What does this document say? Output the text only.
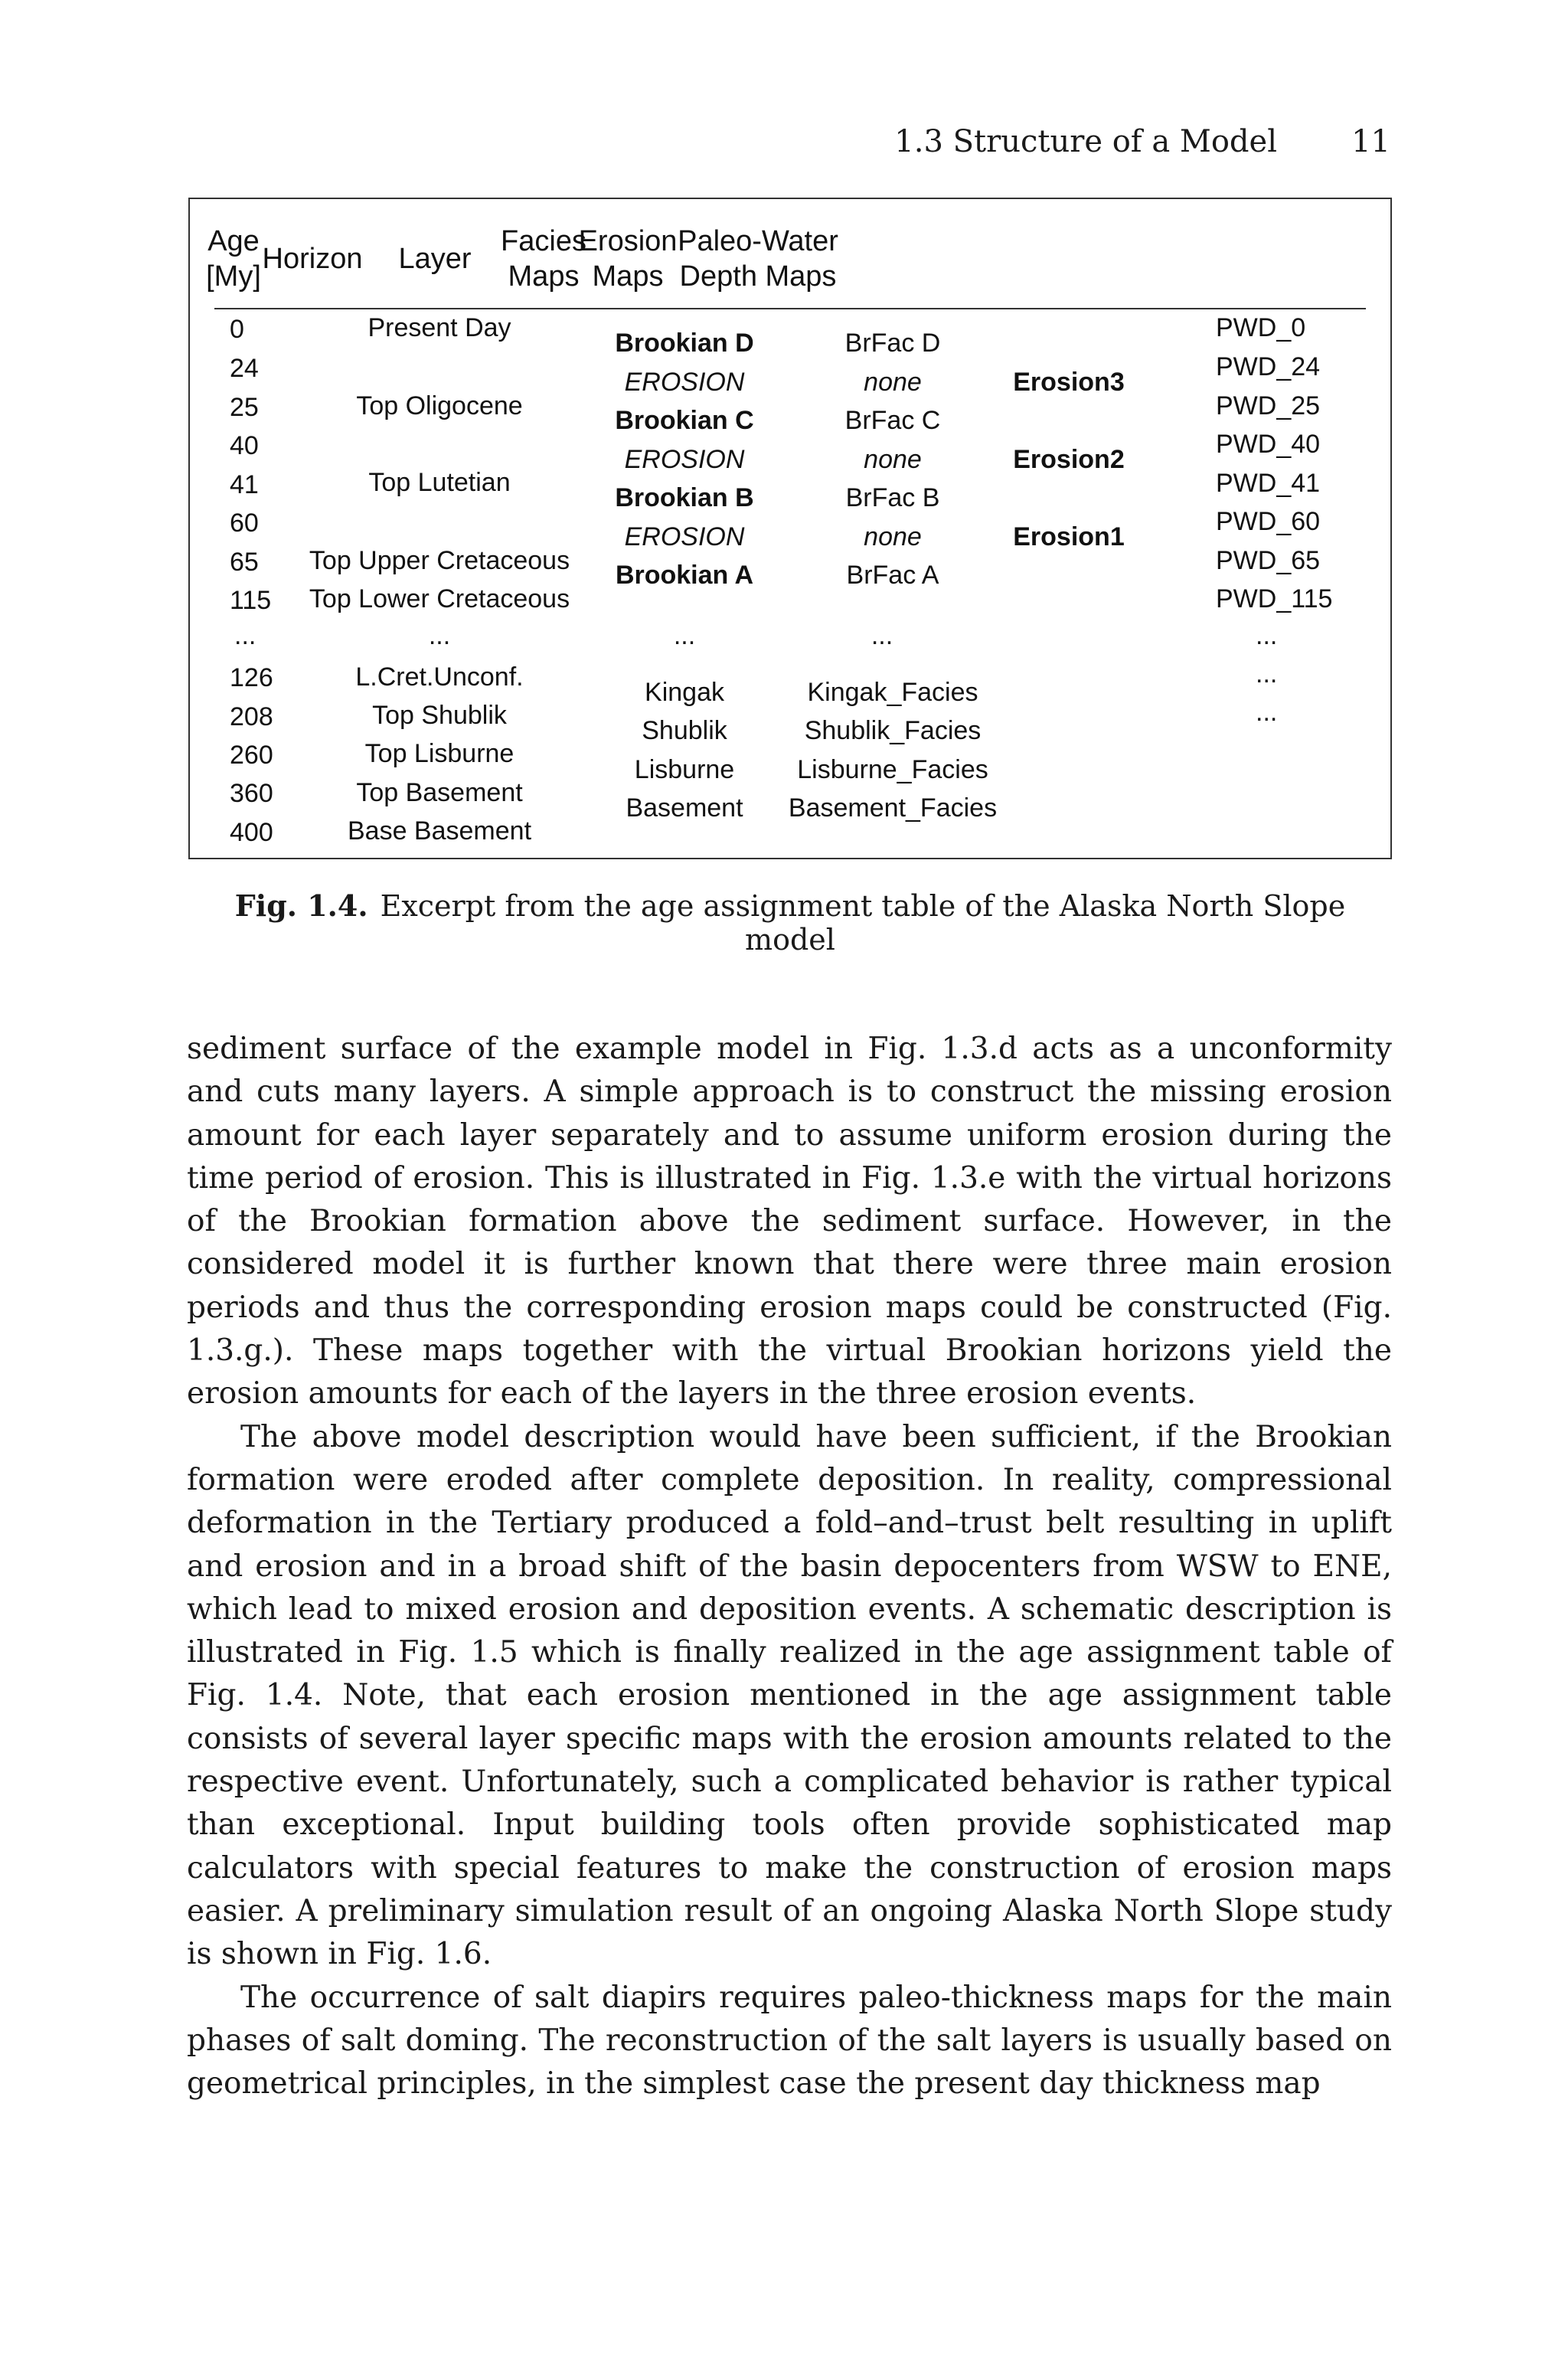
1.3 Structure of a Model 11
Age
[My]
Horizon	Layer
Facies
Maps
Erosion
Maps
Paleo-Water
Depth Maps
0
24
25
40
41
60
65
115
...
126
208
260
360
400
Present Day
Top Oligocene
Top Lutetian
Top Upper Cretaceous
Top Lower Cretaceous
...
L.Cret.Unconf.
Top Shublik
Top Lisburne
Top Basement
Base Basement
Brookian D
EROSION
Brookian C
EROSION
Brookian B
EROSION
Brookian A
...
Kingak
Shublik
Lisburne
Basement
BrFac D
none
BrFac C
none
BrFac B
none
BrFac A
...
Kingak_Facies
Shublik_Facies
Lisburne_Facies
Basement_Facies
Erosion3
Erosion2
Erosion1
PWD_0
PWD_24
PWD_25
PWD_40
PWD_41
PWD_60
PWD_65
PWD_115
...
...
...
Fig. 1.4. Excerpt from the age assignment table of the Alaska North Slope model

sediment surface of the example model in Fig. 1.3.d acts as a unconformity and cuts many layers. A simple approach is to construct the missing erosion amount for each layer separately and to assume uniform erosion during the time period of erosion. This is illustrated in Fig. 1.3.e with the virtual horizons of the Brookian formation above the sediment surface. However, in the considered model it is further known that there were three main erosion periods and thus the corresponding erosion maps could be constructed (Fig. 1.3.g.). These maps together with the virtual Brookian horizons yield the erosion amounts for each of the layers in the three erosion events.

The above model description would have been sufficient, if the Brookian formation were eroded after complete deposition. In reality, compressional deformation in the Tertiary produced a fold–and–trust belt resulting in uplift and erosion and in a broad shift of the basin depocenters from WSW to ENE, which lead to mixed erosion and deposition events. A schematic description is illustrated in Fig. 1.5 which is finally realized in the age assignment table of Fig. 1.4. Note, that each erosion mentioned in the age assignment table consists of several layer specific maps with the erosion amounts related to the respective event. Unfortunately, such a complicated behavior is rather typical than exceptional. Input building tools often provide sophisticated map calculators with special features to make the construction of erosion maps easier. A preliminary simulation result of an ongoing Alaska North Slope study is shown in Fig. 1.6.

The occurrence of salt diapirs requires paleo-thickness maps for the main phases of salt doming. The reconstruction of the salt layers is usually based on geometrical principles, in the simplest case the present day thickness map
